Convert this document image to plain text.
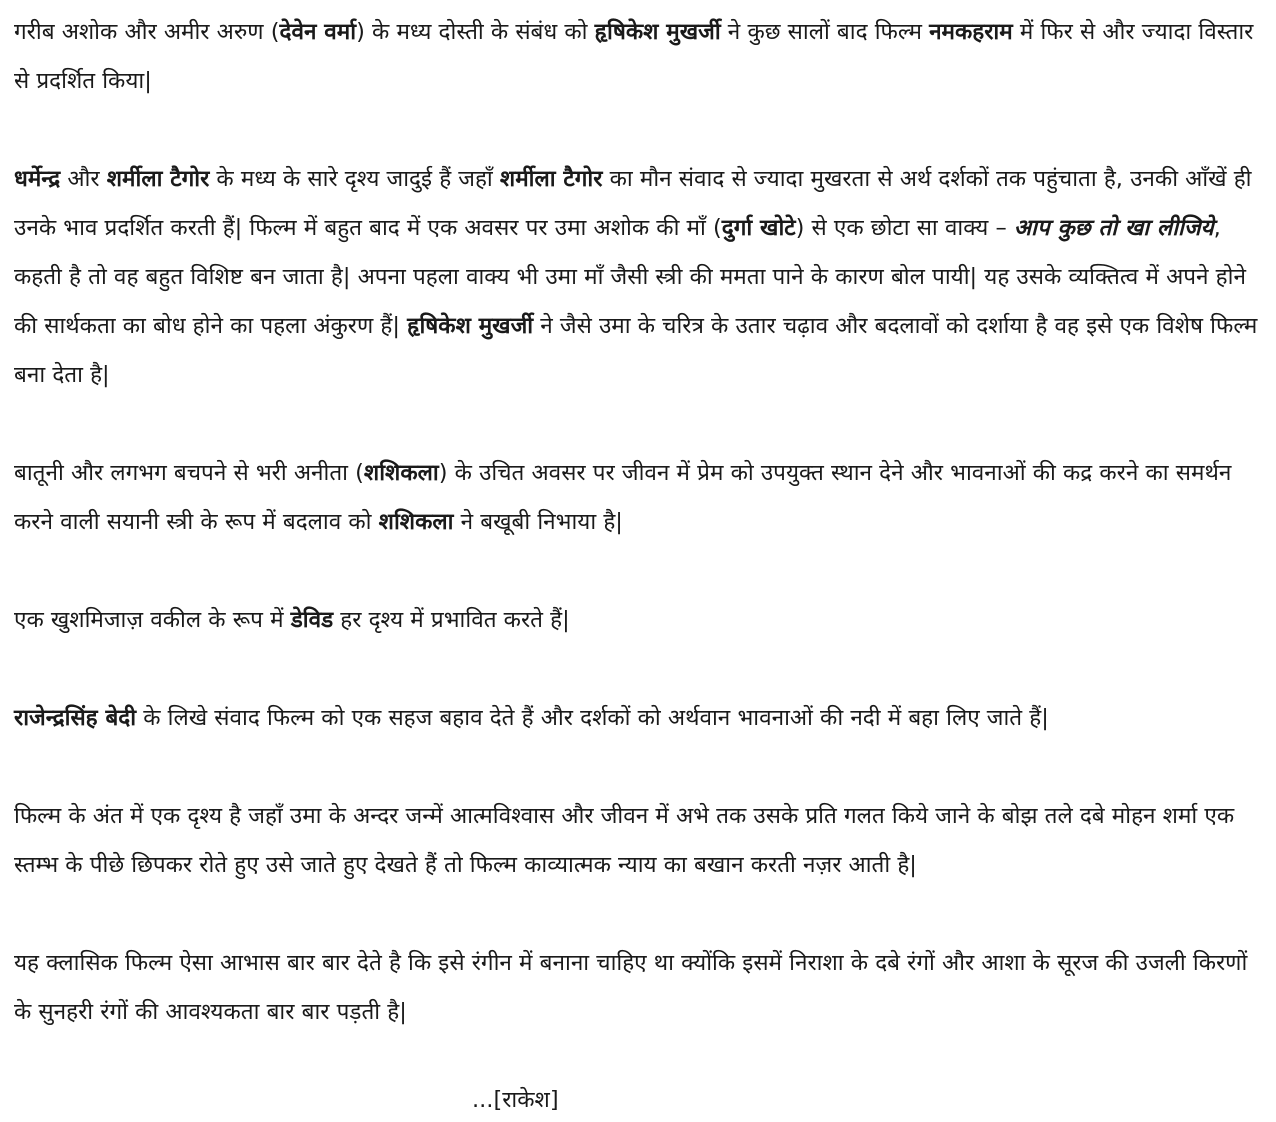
गरीब अशोक और अमीर अरुण (देवेन वर्मा) के मध्य दोस्ती के संबंध को हृषिकेश मुखर्जी ने कुछ सालों बाद फिल्म नमकहराम में फिर से और ज्यादा विस्तार से प्रदर्शित किया|

धर्मेन्द्र और शर्मीला टैगोर के मध्य के सारे दृश्य जादुई हैं जहाँ शर्मीला टैगोर का मौन संवाद से ज्यादा मुखरता से अर्थ दर्शकों तक पहुंचाता है, उनकी आँखें ही उनके भाव प्रदर्शित करती हैं| फिल्म में बहुत बाद में एक अवसर पर उमा अशोक की माँ (दुर्गा खोटे) से एक छोटा सा वाक्य – आप कुछ तो खा लीजिये, कहती है तो वह बहुत विशिष्ट बन जाता है| अपना पहला वाक्य भी उमा माँ जैसी स्त्री की ममता पाने के कारण बोल पायी| यह उसके व्यक्तित्व में अपने होने की सार्थकता का बोध होने का पहला अंकुरण हैं| हृषिकेश मुखर्जी ने जैसे उमा के चरित्र के उतार चढ़ाव और बदलावों को दर्शाया है वह इसे एक विशेष फिल्म बना देता है|

बातूनी और लगभग बचपने से भरी अनीता (शशिकला) के उचित अवसर पर जीवन में प्रेम को उपयुक्त स्थान देने और भावनाओं की कद्र करने का समर्थन करने वाली सयानी स्त्री के रूप में बदलाव को शशिकला ने बखूबी निभाया है|

एक खुशमिजाज़ वकील के रूप में डेविड हर दृश्य में प्रभावित करते हैं|

राजेन्द्रसिंह बेदी के लिखे संवाद फिल्म को एक सहज बहाव देते हैं और दर्शकों को अर्थवान भावनाओं की नदी में बहा लिए जाते हैं|

फिल्म के अंत में एक दृश्य है जहाँ उमा के अन्दर जन्में आत्मविश्वास और जीवन में अभे तक उसके प्रति गलत किये जाने के बोझ तले दबे मोहन शर्मा एक स्तम्भ के पीछे छिपकर रोते हुए उसे जाते हुए देखते हैं तो फिल्म काव्यात्मक न्याय का बखान करती नज़र आती है|

यह क्लासिक फिल्म ऐसा आभास बार बार देते है कि इसे रंगीन में बनाना चाहिए था क्योंकि इसमें निराशा के दबे रंगों और आशा के सूरज की उजली किरणों के सुनहरी रंगों की आवश्यकता बार बार पड़ती है|

...[राकेश]
